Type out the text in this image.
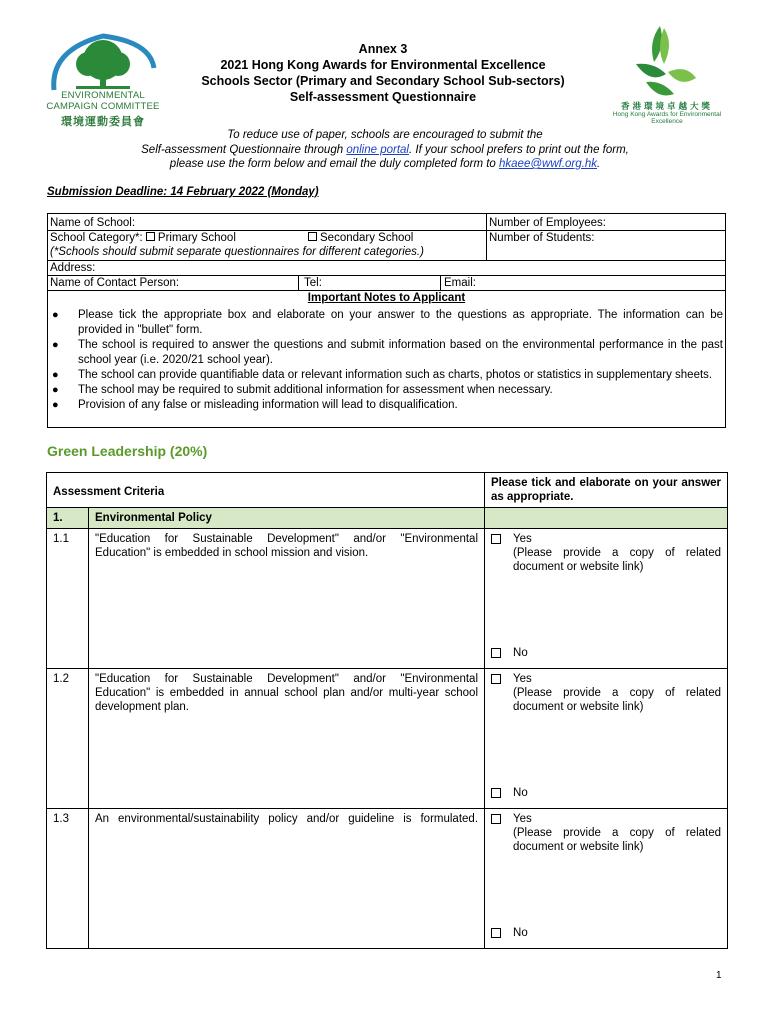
ENVIRONMENTAL
CAMPAIGN COMMITTEE
環境運動委員會
Annex 3
2021 Hong Kong Awards for Environmental Excellence
Schools Sector (Primary and Secondary School Sub-sectors)
Self-assessment Questionnaire
香港環境卓越大獎
Hong Kong Awards for Environmental Excellence
To reduce use of paper, schools are encouraged to submit the
Self-assessment Questionnaire through online portal. If your school prefers to print out the form,
please use the form below and email the duly completed form to hkaee@wwf.org.hk.
Submission Deadline: 14 February 2022 (Monday)
Name of School:	Number of Employees:
School Category*: Primary School	Secondary School	Number of Students:
(*Schools should submit separate questionnaires for different categories.)
Address:
Name of Contact Person:	Tel:	Email:
Important Notes to Applicant
● Please tick the appropriate box and elaborate on your answer to the questions as appropriate. The information can be provided in "bullet" form.
● The school is required to answer the questions and submit information based on the environmental performance in the past school year (i.e. 2020/21 school year).
● The school can provide quantifiable data or relevant information such as charts, photos or statistics in supplementary sheets.
● The school may be required to submit additional information for assessment when necessary.
● Provision of any false or misleading information will lead to disqualification.
Green Leadership (20%)
Assessment Criteria		Please tick and elaborate on your answer as appropriate.
1.	Environmental Policy	
1.1	"Education for Sustainable Development" and/or "Environmental Education" is embedded in school mission and vision.	Yes
(Please provide a copy of related document or website link)
No

1.2	"Education for Sustainable Development" and/or "Environmental Education" is embedded in annual school plan and/or multi-year school development plan.	Yes
(Please provide a copy of related document or website link)
No

1.3	An environmental/sustainability policy and/or guideline is formulated.	Yes
(Please provide a copy of related document or website link)
No
1
